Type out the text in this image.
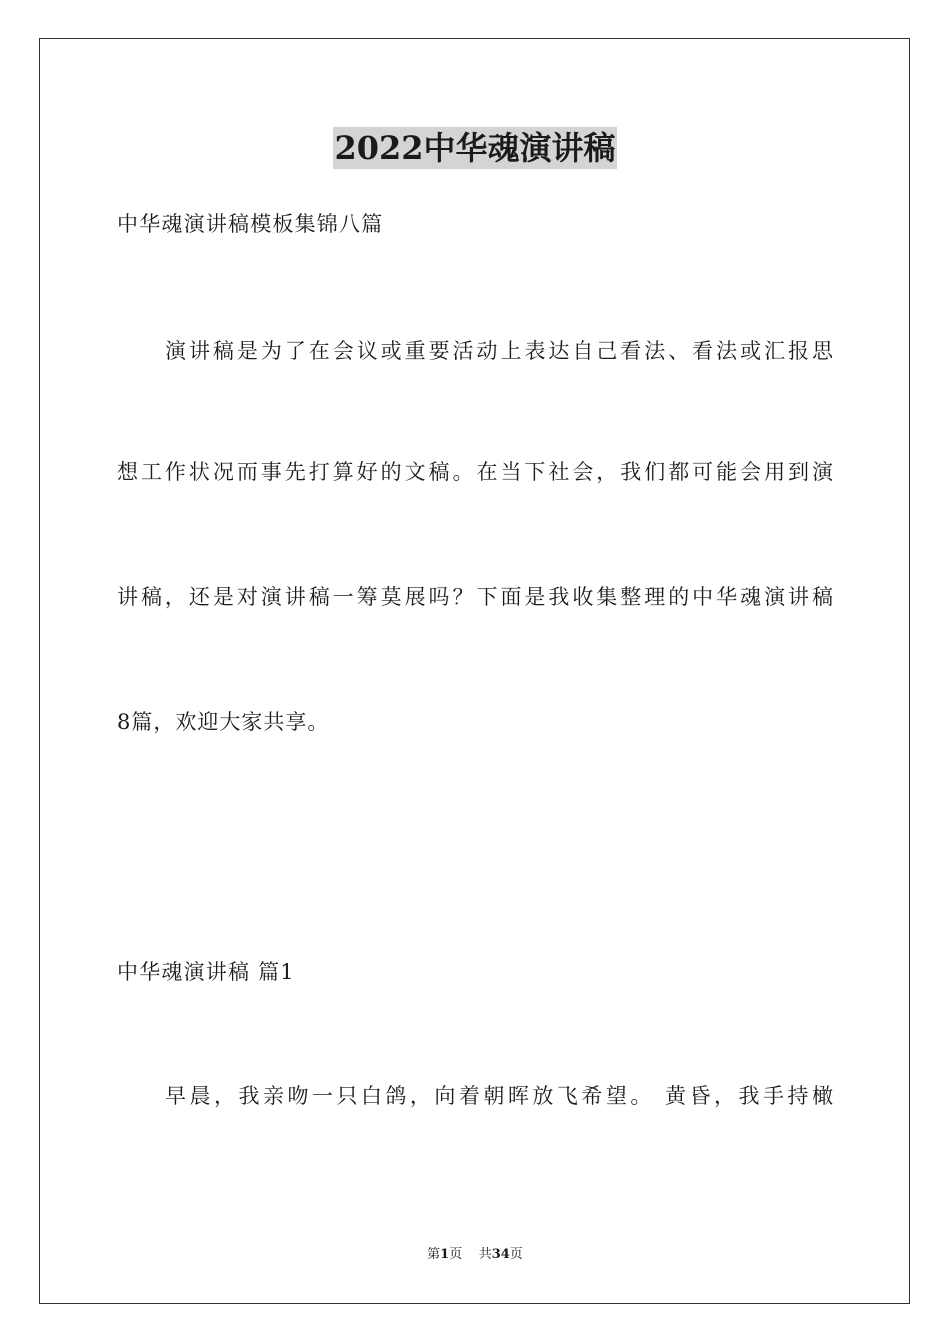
2022中华魂演讲稿
中华魂演讲稿模板集锦八篇
演讲稿是为了在会议或重要活动上表达自己看法、看法或汇报思
想工作状况而事先打算好的文稿。在当下社会，我们都可能会用到演
讲稿，还是对演讲稿一筹莫展吗？下面是我收集整理的中华魂演讲稿
8篇，欢迎大家共享。
中华魂演讲稿 篇1
早晨，我亲吻一只白鸽，向着朝晖放飞希望。 黄昏，我手持橄
第1页 共34页
